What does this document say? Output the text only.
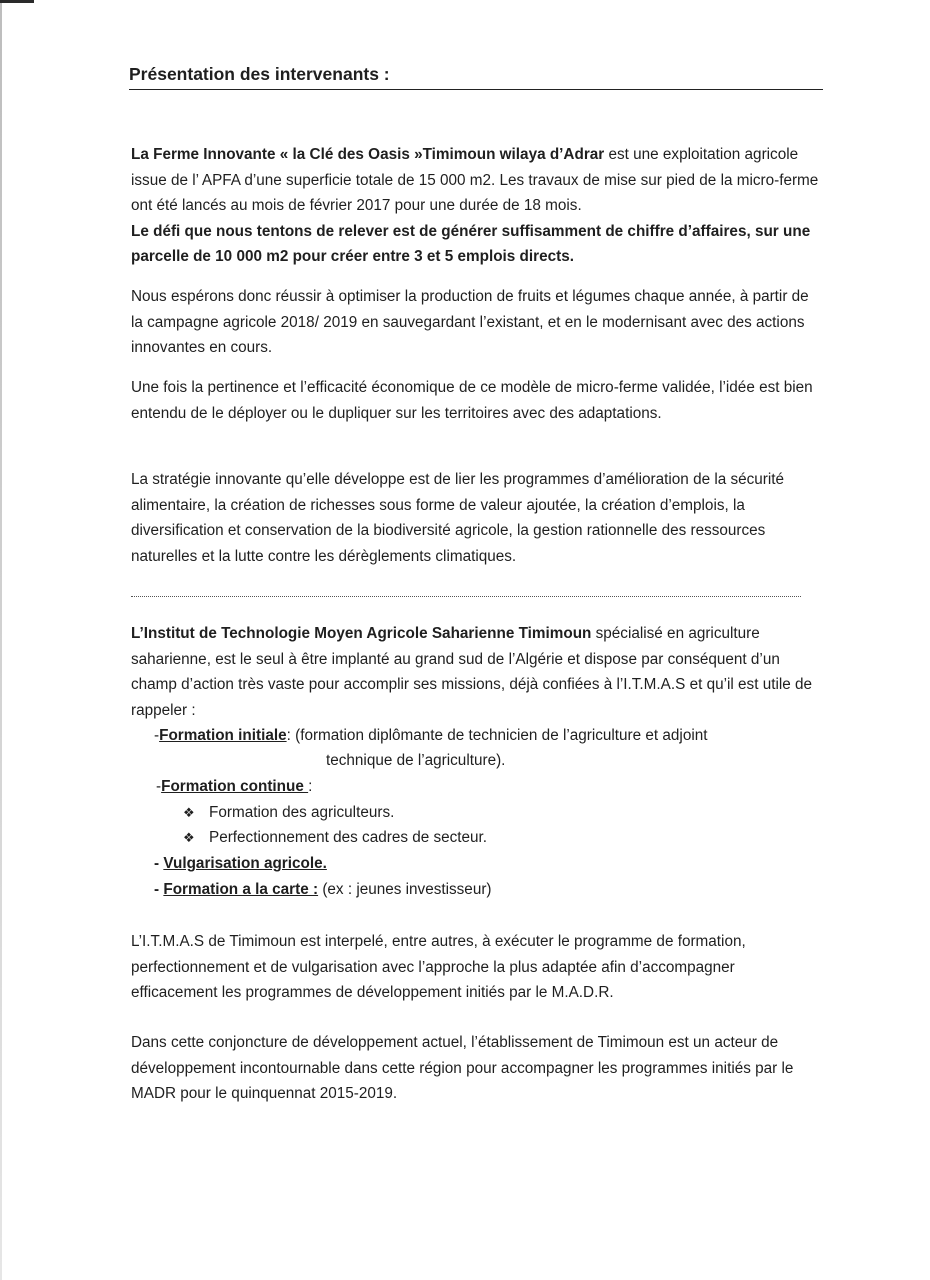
Présentation des intervenants :

La Ferme Innovante « la Clé des Oasis »Timimoun wilaya d’Adrar est une exploitation agricole issue de l’ APFA d’une superficie totale de 15 000 m2. Les travaux de mise sur pied de la micro-ferme ont été lancés au mois de février 2017 pour une durée de 18 mois.

Le défi que nous tentons de relever est de générer suffisamment de chiffre d’affaires, sur une parcelle de 10 000 m2 pour créer entre 3 et 5 emplois directs.

Nous espérons donc réussir à optimiser la production de fruits et légumes chaque année, à partir de la campagne agricole 2018/ 2019 en sauvegardant l’existant, et en le modernisant avec des actions innovantes en cours.

Une fois la pertinence et l’efficacité économique de ce modèle de micro-ferme validée, l’idée est bien entendu de le déployer ou le dupliquer sur les territoires avec des adaptations.

La stratégie innovante qu’elle développe est de lier les programmes d’amélioration de la sécurité alimentaire, la création de richesses sous forme de valeur ajoutée, la création d’emplois, la diversification et conservation de la biodiversité agricole, la gestion rationnelle des ressources naturelles et la lutte contre les dérèglements climatiques.

L’Institut de Technologie Moyen Agricole Saharienne Timimoun spécialisé en agriculture saharienne, est le seul à être implanté au grand sud de l’Algérie et dispose par conséquent d’un champ d’action très vaste pour accomplir ses missions, déjà confiées à l’I.T.M.A.S et qu’il est utile de rappeler :

-Formation initiale: (formation diplômante de technicien de l’agriculture et adjoint
technique de l’agriculture).
-Formation continue :
❖ Formation des agriculteurs.
❖ Perfectionnement des cadres de secteur.
- Vulgarisation agricole.
- Formation a la carte : (ex : jeunes investisseur)

L’I.T.M.A.S de Timimoun est interpelé, entre autres, à exécuter le programme de formation, perfectionnement et de vulgarisation avec l’approche la plus adaptée afin d’accompagner efficacement les programmes de développement initiés par le M.A.D.R.

Dans cette conjoncture de développement actuel, l’établissement de Timimoun est un acteur de développement incontournable dans cette région pour accompagner les programmes initiés par le MADR pour le quinquennat 2015-2019.
